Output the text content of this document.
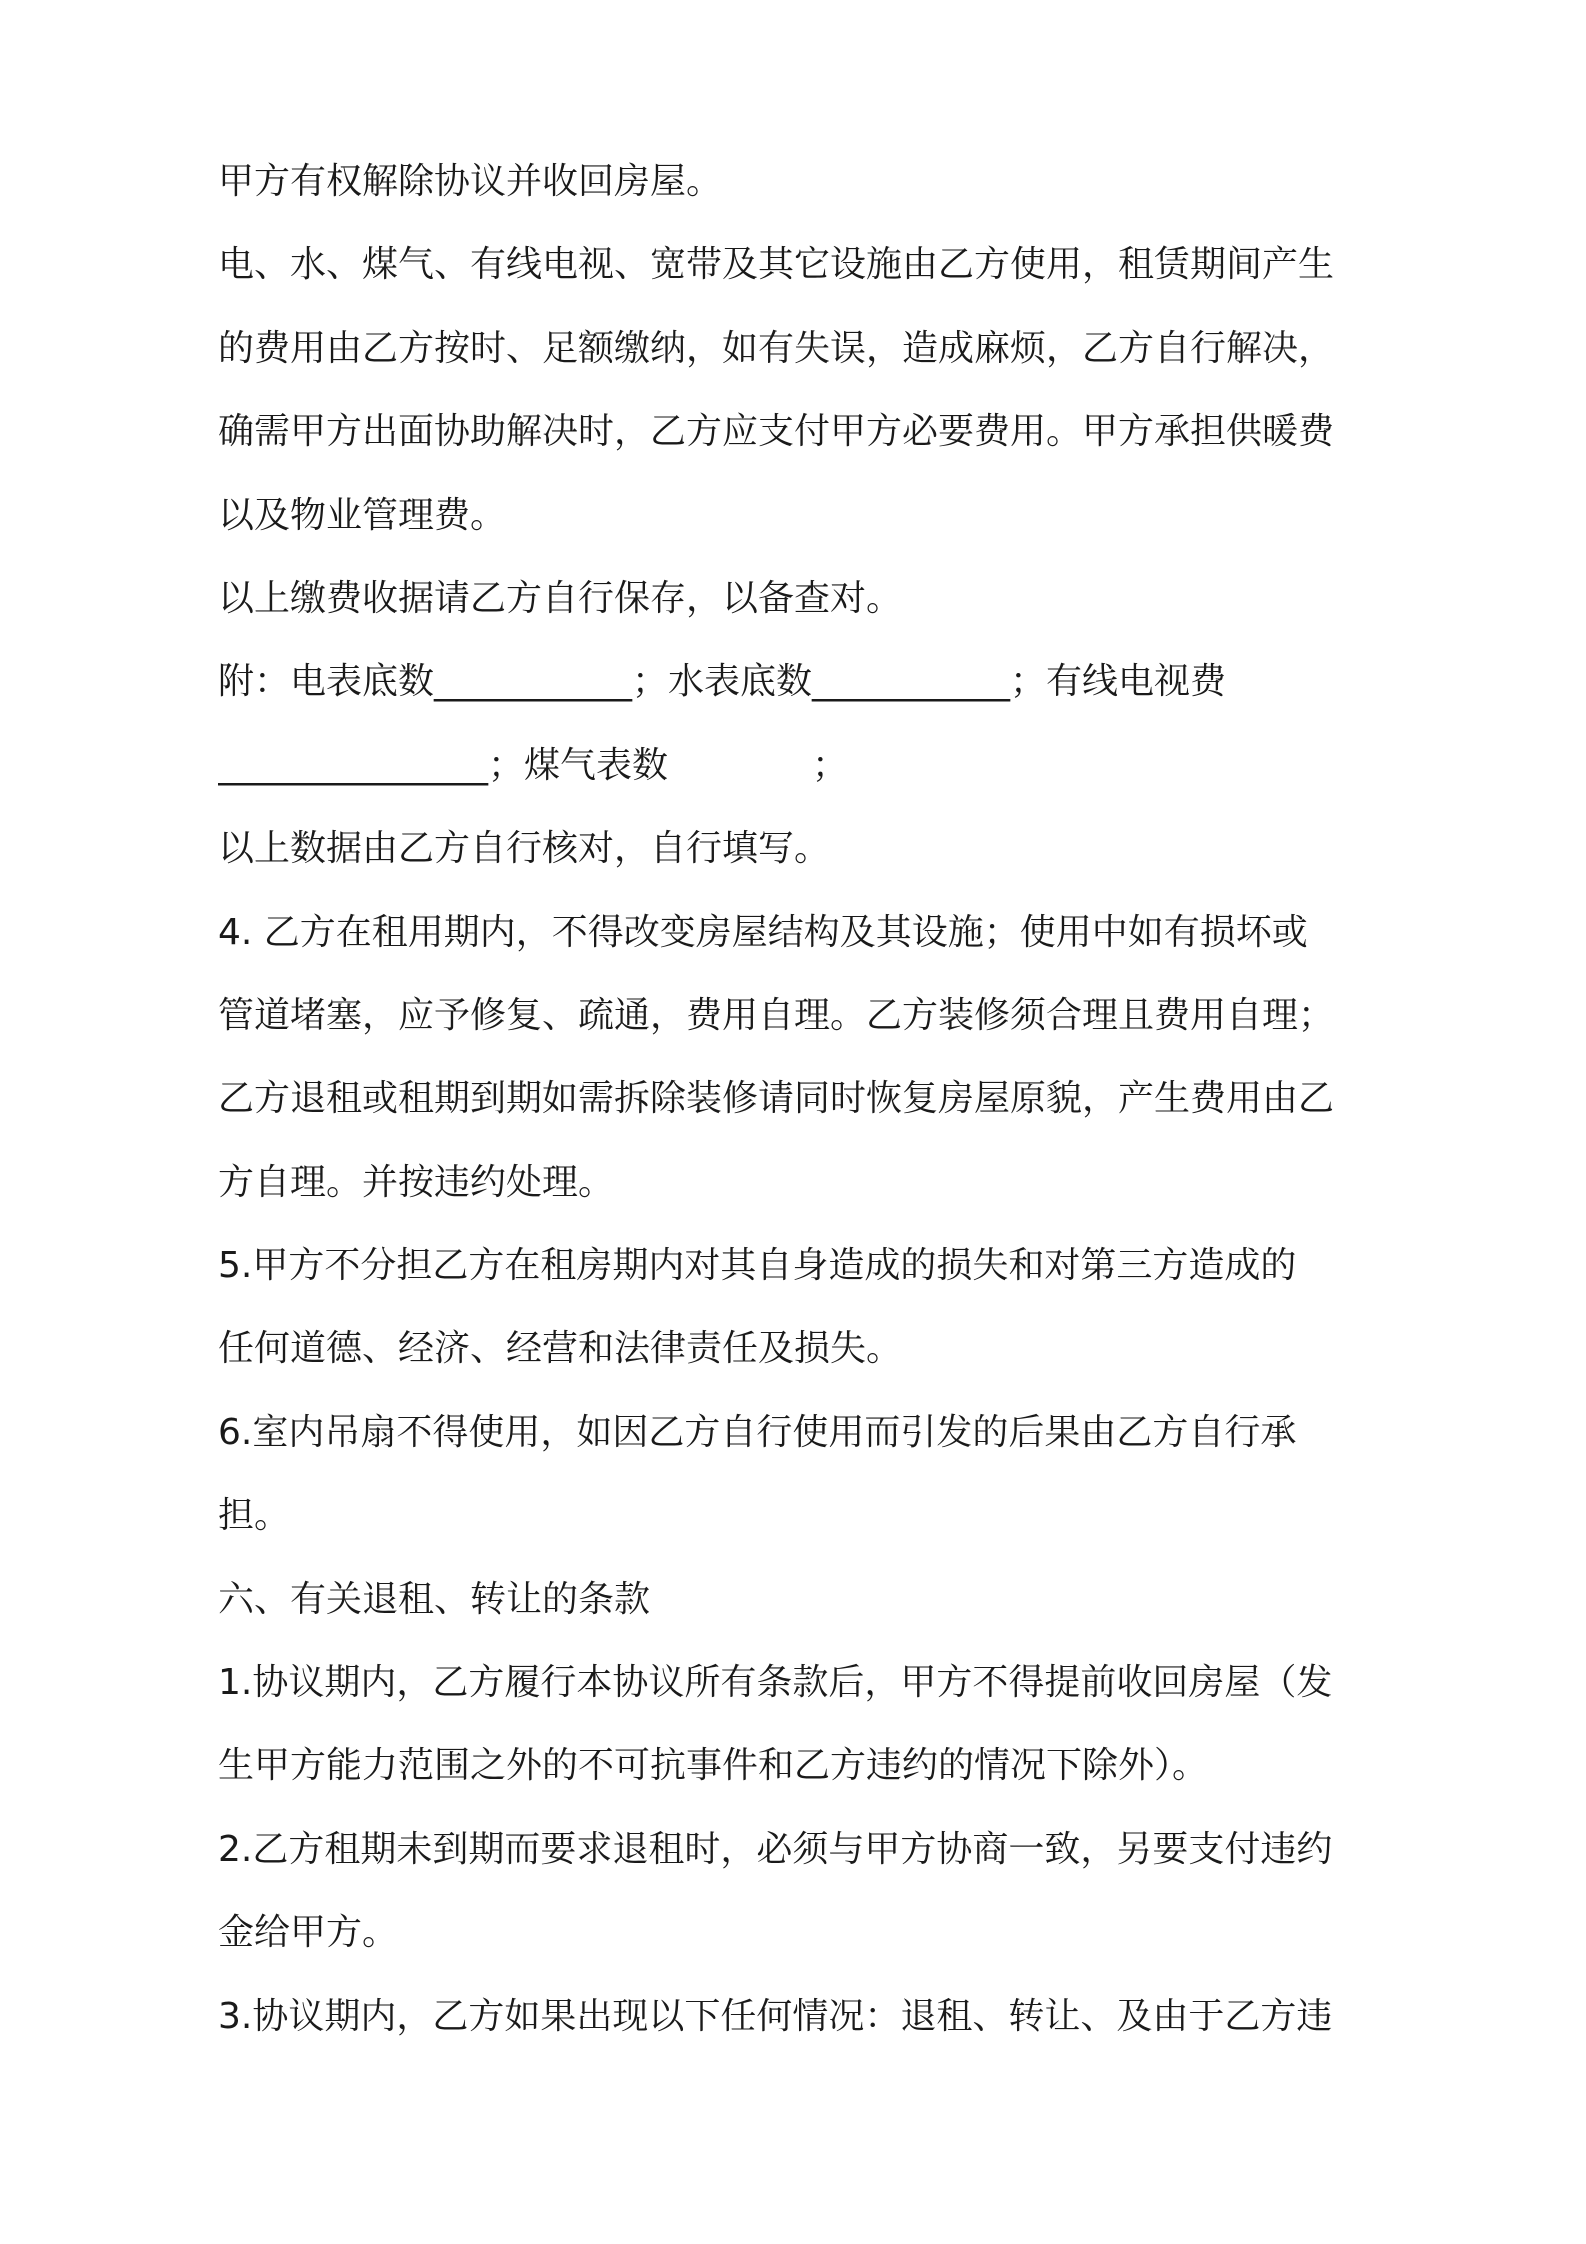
甲方有权解除协议并收回房屋。
电、水、煤气、有线电视、宽带及其它设施由乙方使用，租赁期间产生
的费用由乙方按时、足额缴纳，如有失误，造成麻烦，乙方自行解决，
确需甲方出面协助解决时，乙方应支付甲方必要费用。甲方承担供暖费
以及物业管理费。
以上缴费收据请乙方自行保存，以备查对。
附：电表底数___________；水表底数___________；有线电视费
_______________；煤气表数　　　　；
以上数据由乙方自行核对，自行填写。
4. 乙方在租用期内，不得改变房屋结构及其设施；使用中如有损坏或
管道堵塞，应予修复、疏通，费用自理。乙方装修须合理且费用自理；
乙方退租或租期到期如需拆除装修请同时恢复房屋原貌，产生费用由乙
方自理。并按违约处理。
5.甲方不分担乙方在租房期内对其自身造成的损失和对第三方造成的
任何道德、经济、经营和法律责任及损失。
6.室内吊扇不得使用，如因乙方自行使用而引发的后果由乙方自行承
担。
六、有关退租、转让的条款
1.协议期内，乙方履行本协议所有条款后，甲方不得提前收回房屋（发
生甲方能力范围之外的不可抗事件和乙方违约的情况下除外）。
2.乙方租期未到期而要求退租时，必须与甲方协商一致，另要支付违约
金给甲方。
3.协议期内，乙方如果出现以下任何情况：退租、转让、及由于乙方违
